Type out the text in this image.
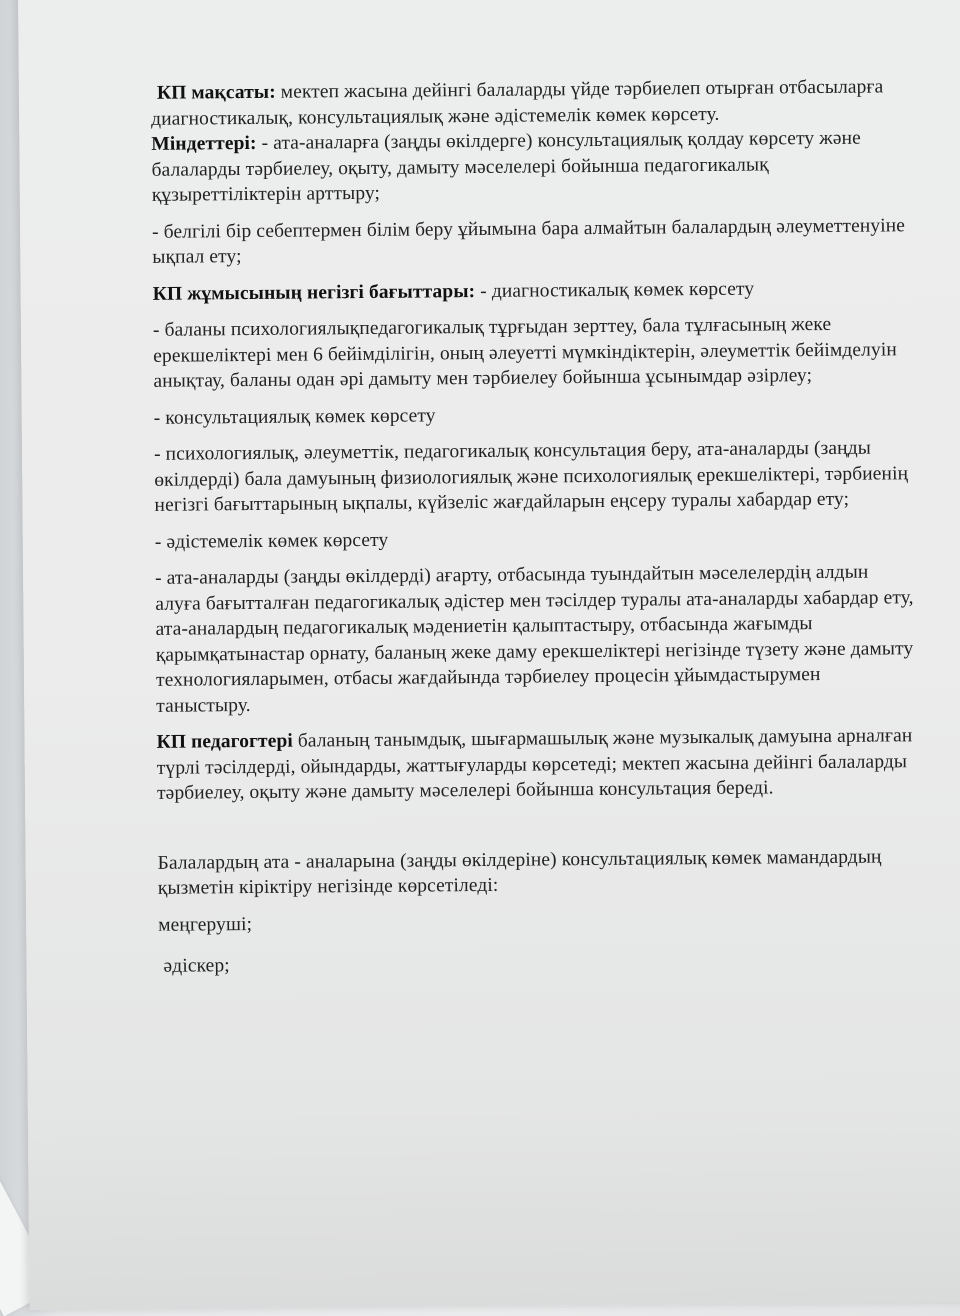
КП мақсаты: мектеп жасына дейінгі балаларды үйде тәрбиелеп отырған отбасыларға диагностикалық, консультациялық және әдістемелік көмек көрсету.

Міндеттері: - ата-аналарға (заңды өкілдерге) консультациялық қолдау көрсету және балаларды тәрбиелеу, оқыту, дамыту мәселелері бойынша педагогикалық құзыреттіліктерін арттыру;

- белгілі бір себептермен білім беру ұйымына бара алмайтын балалардың әлеуметтенуіне ықпал ету;

КП жұмысының негізгі бағыттары: - диагностикалық көмек көрсету

- баланы психологиялықпедагогикалық тұрғыдан зерттеу, бала тұлғасының жеке ерекшеліктері мен 6 бейімділігін, оның әлеуетті мүмкіндіктерін, әлеуметтік бейімделуін анықтау, баланы одан әрі дамыту мен тәрбиелеу бойынша ұсынымдар әзірлеу;

- консультациялық көмек көрсету

- психологиялық, әлеуметтік, педагогикалық консультация беру, ата-аналарды (заңды өкілдерді) бала дамуының физиологиялық және психологиялық ерекшеліктері, тәрбиенің негізгі бағыттарының ықпалы, күйзеліс жағдайларын еңсеру туралы хабардар ету;

- әдістемелік көмек көрсету

- ата-аналарды (заңды өкілдерді) ағарту, отбасында туындайтын мәселелердің алдын алуға бағытталған педагогикалық әдістер мен тәсілдер туралы ата-аналарды хабардар ету, ата-аналардың педагогикалық мәдениетін қалыптастыру, отбасында жағымды қарымқатынастар орнату, баланың жеке даму ерекшеліктері негізінде түзету және дамыту технологияларымен, отбасы жағдайында тәрбиелеу процесін ұйымдастырумен таныстыру.

КП педагогтері баланың танымдық, шығармашылық және музыкалық дамуына арналған түрлі тәсілдерді, ойындарды, жаттығуларды көрсетеді; мектеп жасына дейінгі балаларды тәрбиелеу, оқыту және дамыту мәселелері бойынша консультация береді.

Балалардың ата - аналарына (заңды өкілдеріне) консультациялық көмек мамандардың қызметін кіріктіру негізінде көрсетіледі:

меңгеруші;

әдіскер;
